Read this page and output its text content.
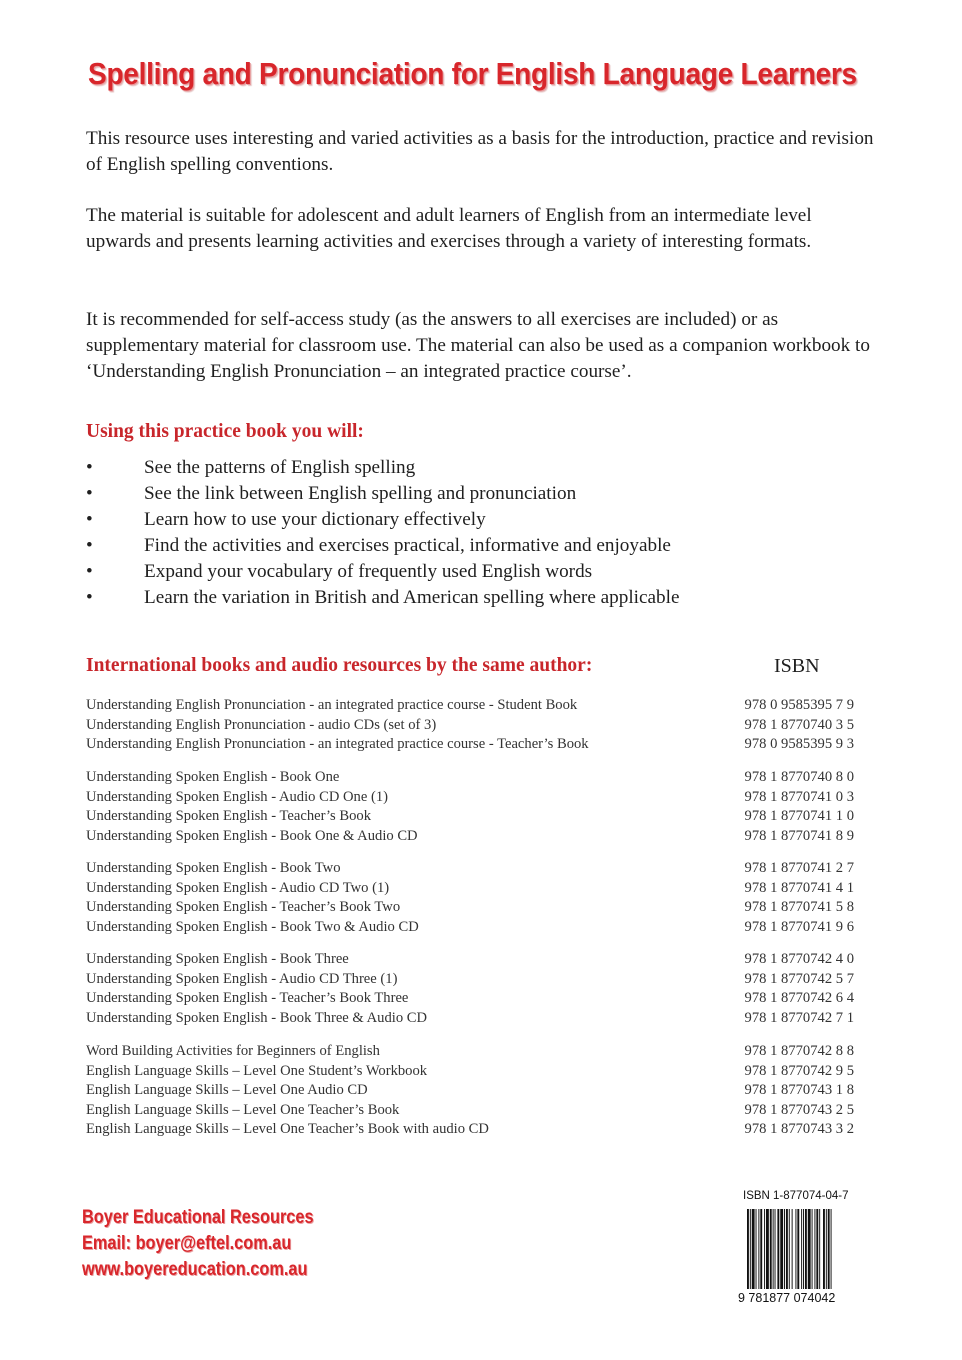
Spelling and Pronunciation for English Language Learners

This resource uses interesting and varied activities as a basis for the introduction, practice and revision of English spelling conventions.

The material is suitable for adolescent and adult learners of English from an intermediate level upwards and presents learning activities and exercises through a variety of interesting formats.

It is recommended for self-access study (as the answers to all exercises are included) or as supplementary material for classroom use. The material can also be used as a companion workbook to ‘Understanding English Pronunciation – an integrated practice course’.

Using this practice book you will:

•	See the patterns of English spelling
•	See the link between English spelling and pronunciation
•	Learn how to use your dictionary effectively
•	Find the activities and exercises practical, informative and enjoyable
•	Expand your vocabulary of frequently used English words
•	Learn the variation in British and American spelling where applicable

International books and audio resources by the same author:	ISBN

Understanding English Pronunciation - an integrated practice course - Student Book	978 0 9585395 7 9
Understanding English Pronunciation - audio CDs (set of 3)	978 1 8770740 3 5
Understanding English Pronunciation - an integrated practice course - Teacher’s Book	978 0 9585395 9 3
Understanding Spoken English - Book One	978 1 8770740 8 0
Understanding Spoken English - Audio CD One (1)	978 1 8770741 0 3
Understanding Spoken English - Teacher’s Book	978 1 8770741 1 0
Understanding Spoken English - Book One & Audio CD	978 1 8770741 8 9
Understanding Spoken English - Book Two	978 1 8770741 2 7
Understanding Spoken English - Audio CD Two (1)	978 1 8770741 4 1
Understanding Spoken English - Teacher’s Book Two	978 1 8770741 5 8
Understanding Spoken English - Book Two & Audio CD	978 1 8770741 9 6
Understanding Spoken English - Book Three	978 1 8770742 4 0
Understanding Spoken English - Audio CD Three (1)	978 1 8770742 5 7
Understanding Spoken English - Teacher’s Book Three	978 1 8770742 6 4
Understanding Spoken English - Book Three & Audio CD	978 1 8770742 7 1
Word Building Activities for Beginners of English	978 1 8770742 8 8
English Language Skills – Level One Student’s Workbook	978 1 8770742 9 5
English Language Skills – Level One Audio CD	978 1 8770743 1 8
English Language Skills – Level One Teacher’s Book	978 1 8770743 2 5
English Language Skills – Level One Teacher’s Book with audio CD	978 1 8770743 3 2
Boyer Educational Resources
Email: boyer@eftel.com.au
www.boyereducation.com.au
ISBN 1-877074-04-7
9 781877 074042
